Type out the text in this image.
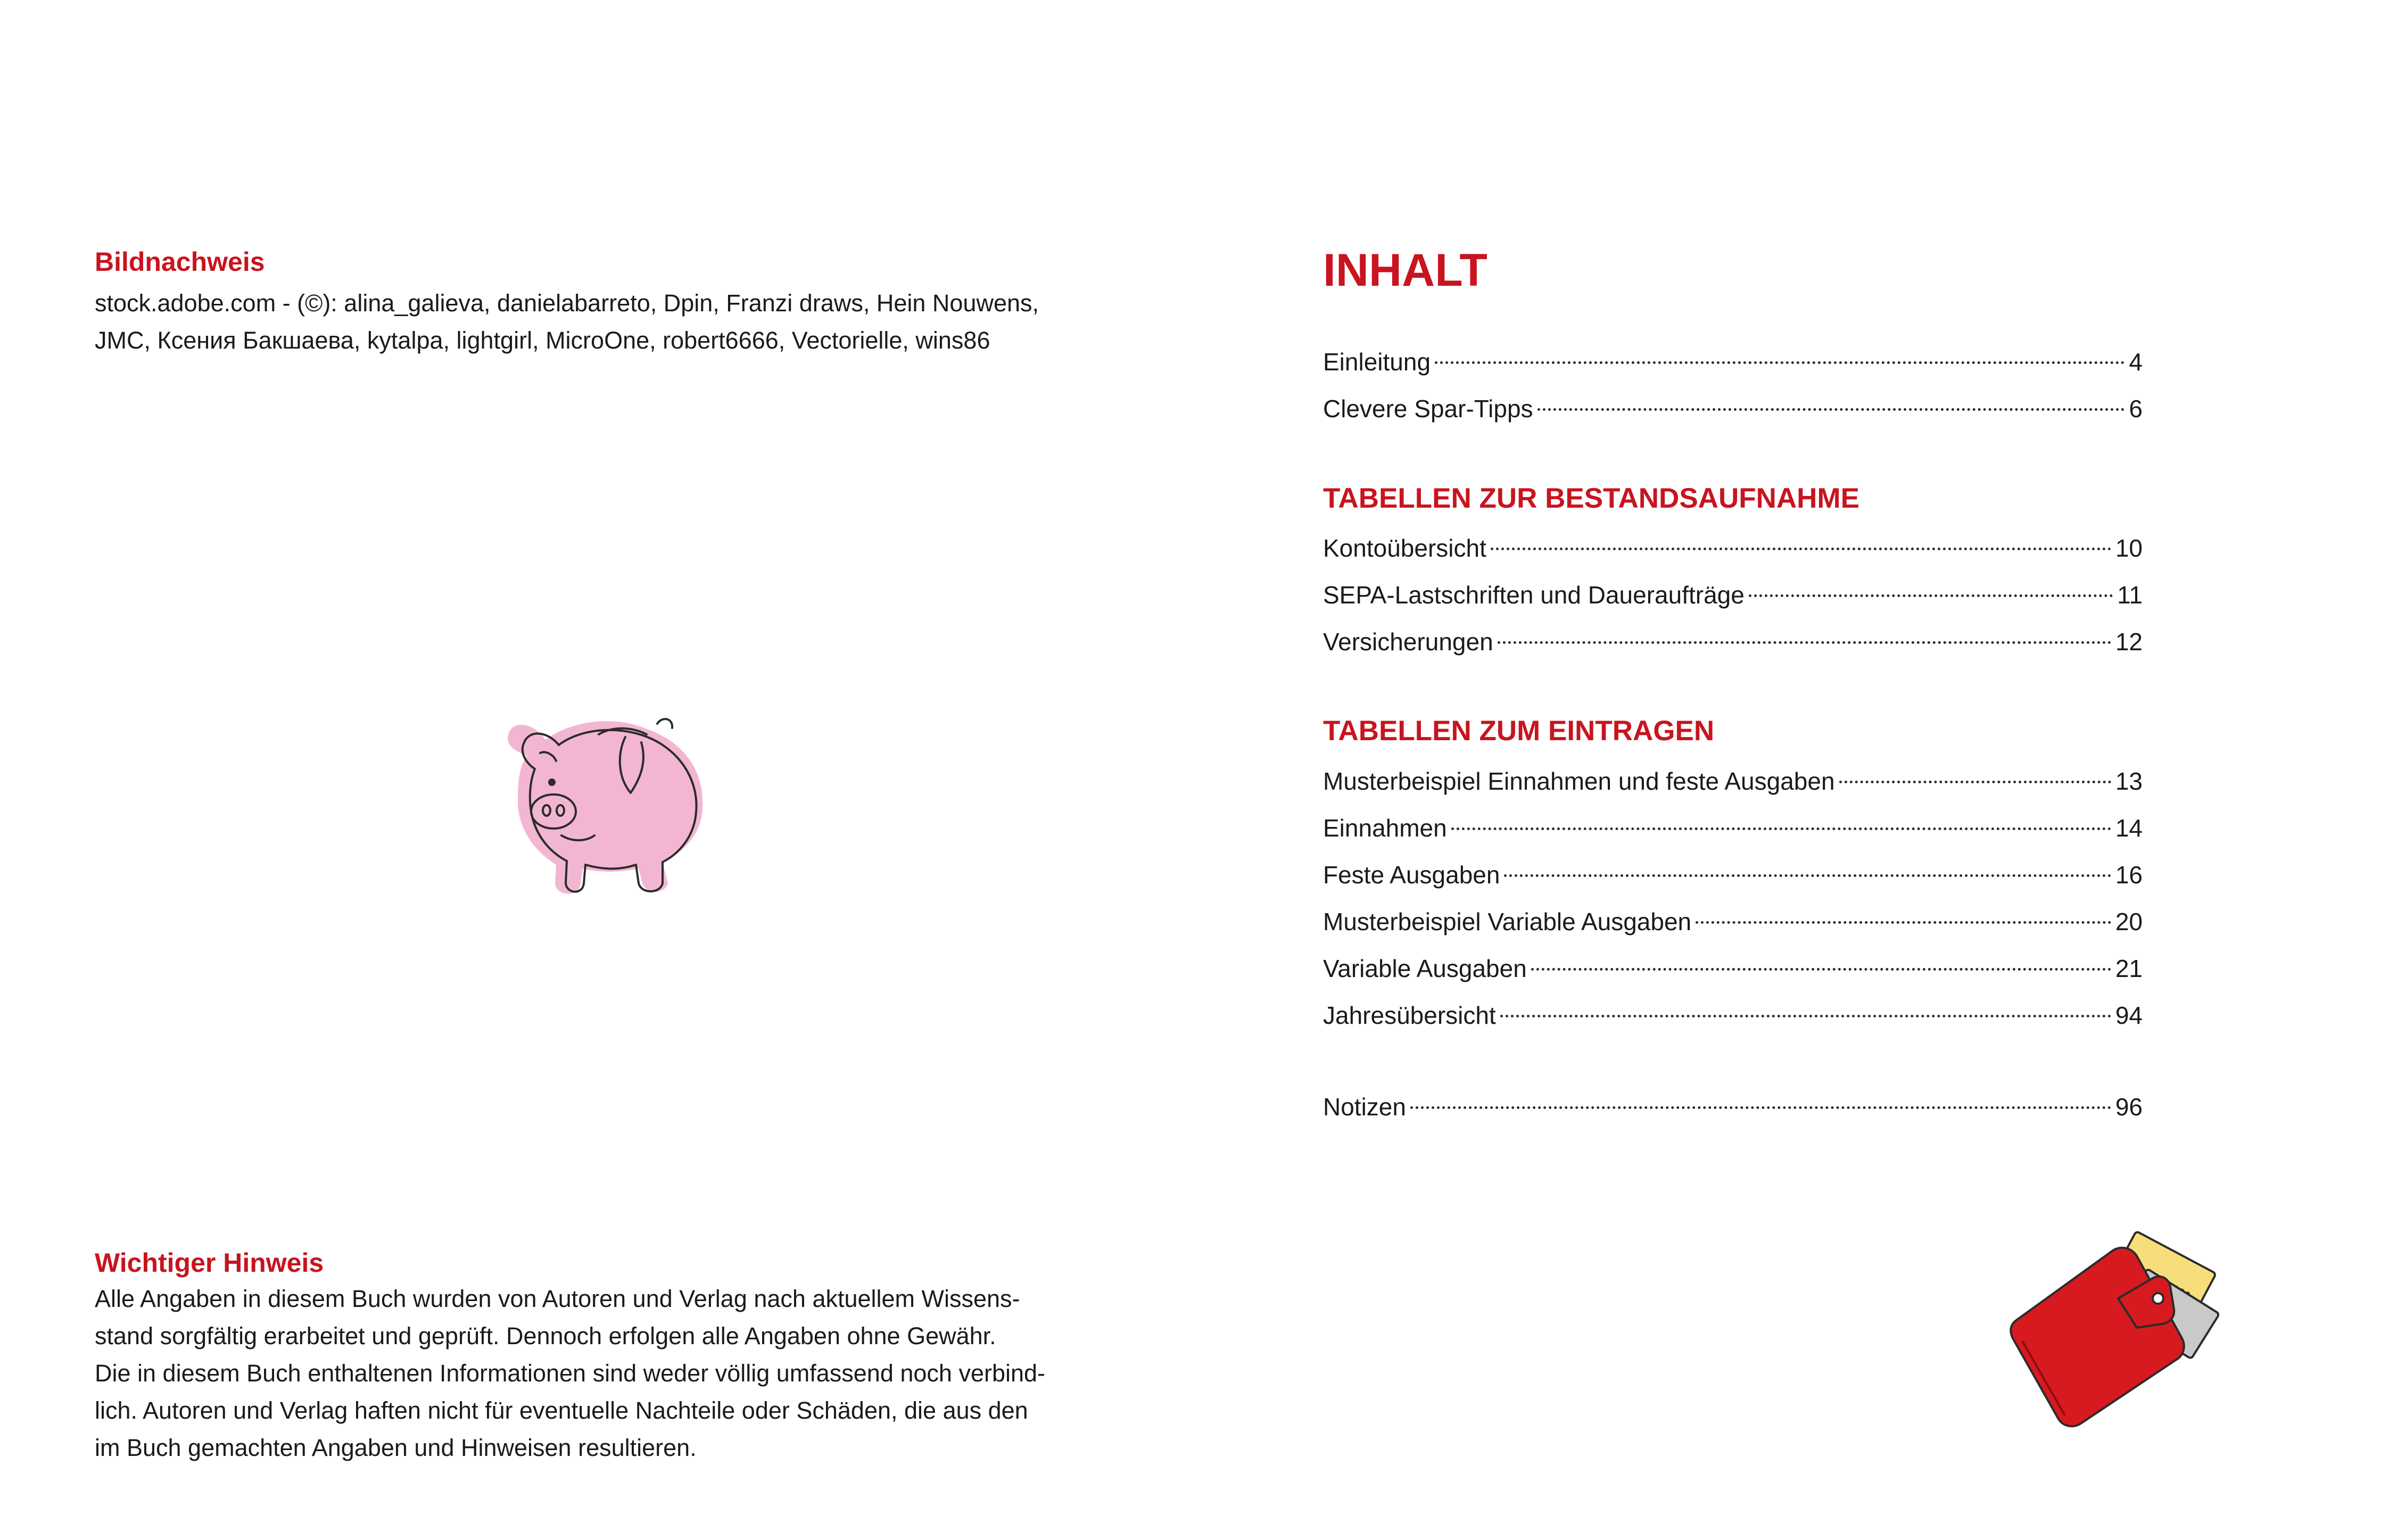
Bildnachweis

stock.adobe.com - (©): alina_galieva, danielabarreto, Dpin, Franzi draws, Hein Nouwens,
JMC, Ксения Бакшаева, kytalpa, lightgirl, MicroOne, robert6666, Vectorielle, wins86

Wichtiger Hinweis

Alle Angaben in diesem Buch wurden von Autoren und Verlag nach aktuellem Wissens-
stand sorgfältig erarbeitet und geprüft. Dennoch erfolgen alle Angaben ohne Gewähr.
Die in diesem Buch enthaltenen Informationen sind weder völlig umfassend noch verbind-
lich. Autoren und Verlag haften nicht für eventuelle Nachteile oder Schäden, die aus den
im Buch gemachten Angaben und Hinweisen resultieren.

INHALT
Einleitung	4
Clevere Spar-Tipps	6
TABELLEN ZUR BESTANDSAUFNAHME
Kontoübersicht	10
SEPA-Lastschriften und Daueraufträge	11
Versicherungen	12
TABELLEN ZUM EINTRAGEN
Musterbeispiel Einnahmen und feste Ausgaben	13
Einnahmen	14
Feste Ausgaben	16
Musterbeispiel Variable Ausgaben	20
Variable Ausgaben	21
Jahresübersicht	94
Notizen	96
